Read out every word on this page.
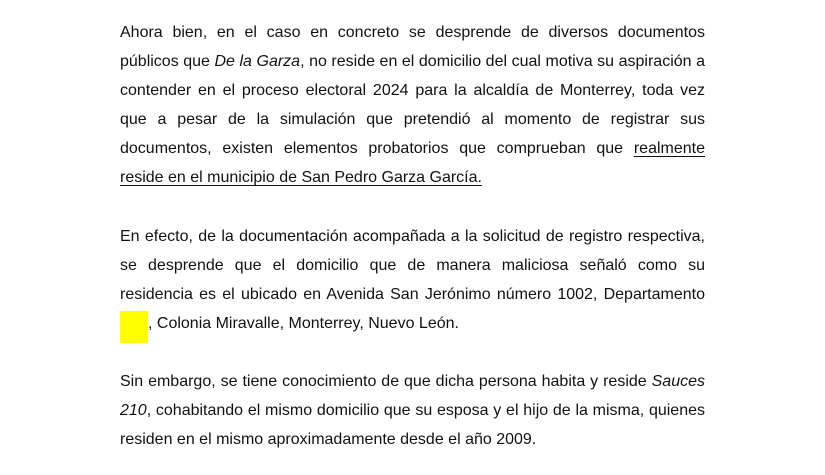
Ahora bien, en el caso en concreto se desprende de diversos documentos
públicos que De la Garza, no reside en el domicilio del cual motiva su aspiración a
contender en el proceso electoral 2024 para la alcaldía de Monterrey, toda vez
que a pesar de la simulación que pretendió al momento de registrar sus
documentos, existen elementos probatorios que comprueban que realmente
reside en el municipio de San Pedro Garza García.
En efecto, de la documentación acompañada a la solicitud de registro respectiva,
se desprende que el domicilio que de manera maliciosa señaló como su
residencia es el ubicado en Avenida San Jerónimo número 1002, Departamento
, Colonia Miravalle, Monterrey, Nuevo León.
Sin embargo, se tiene conocimiento de que dicha persona habita y reside Sauces
210, cohabitando el mismo domicilio que su esposa y el hijo de la misma, quienes
residen en el mismo aproximadamente desde el año 2009.
